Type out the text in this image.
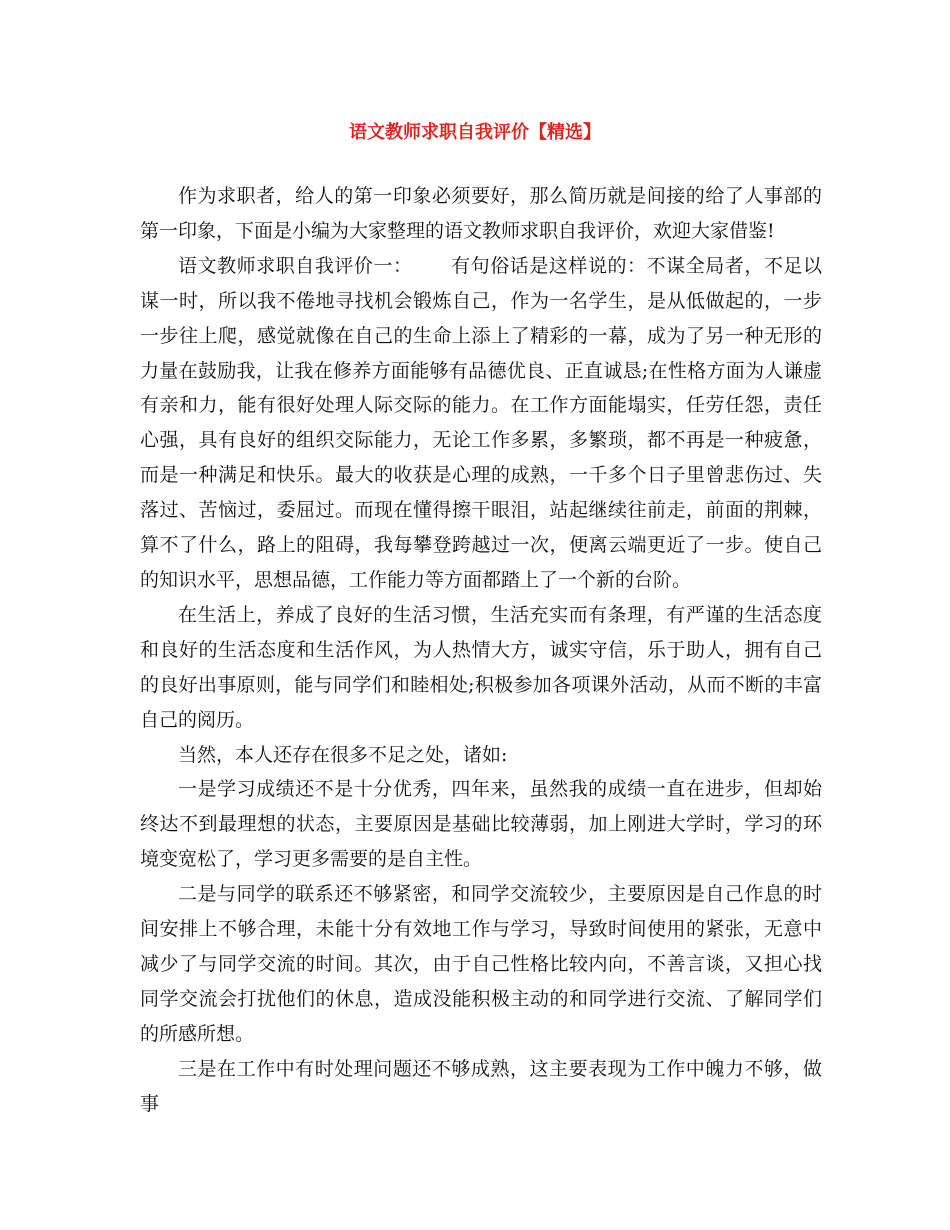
语文教师求职自我评价【精选】

作为求职者，给人的第一印象必须要好，那么简历就是间接的给了人事部的第一印象，下面是小编为大家整理的语文教师求职自我评价，欢迎大家借鉴!

语文教师求职自我评价一： 有句俗话是这样说的：不谋全局者，不足以谋一时，所以我不倦地寻找机会锻炼自己，作为一名学生，是从低做起的，一步一步往上爬，感觉就像在自己的生命上添上了精彩的一幕，成为了另一种无形的力量在鼓励我，让我在修养方面能够有品德优良、正直诚恳;在性格方面为人谦虚有亲和力，能有很好处理人际交际的能力。在工作方面能塌实，任劳任怨，责任心强，具有良好的组织交际能力，无论工作多累，多繁琐，都不再是一种疲惫，而是一种满足和快乐。最大的收获是心理的成熟，一千多个日子里曾悲伤过、失落过、苦恼过，委屈过。而现在懂得擦干眼泪，站起继续往前走，前面的荆棘，算不了什么，路上的阻碍，我每攀登跨越过一次，便离云端更近了一步。使自己的知识水平，思想品德，工作能力等方面都踏上了一个新的台阶。

在生活上，养成了良好的生活习惯，生活充实而有条理，有严谨的生活态度和良好的生活态度和生活作风，为人热情大方，诚实守信，乐于助人，拥有自己的良好出事原则，能与同学们和睦相处;积极参加各项课外活动，从而不断的丰富自己的阅历。

当然，本人还存在很多不足之处，诸如:

一是学习成绩还不是十分优秀，四年来，虽然我的成绩一直在进步，但却始终达不到最理想的状态，主要原因是基础比较薄弱，加上刚进大学时，学习的环境变宽松了，学习更多需要的是自主性。

二是与同学的联系还不够紧密，和同学交流较少，主要原因是自己作息的时间安排上不够合理，未能十分有效地工作与学习，导致时间使用的紧张，无意中减少了与同学交流的时间。其次，由于自己性格比较内向，不善言谈，又担心找同学交流会打扰他们的休息，造成没能积极主动的和同学进行交流、了解同学们的所感所想。

三是在工作中有时处理问题还不够成熟，这主要表现为工作中魄力不够，做事
